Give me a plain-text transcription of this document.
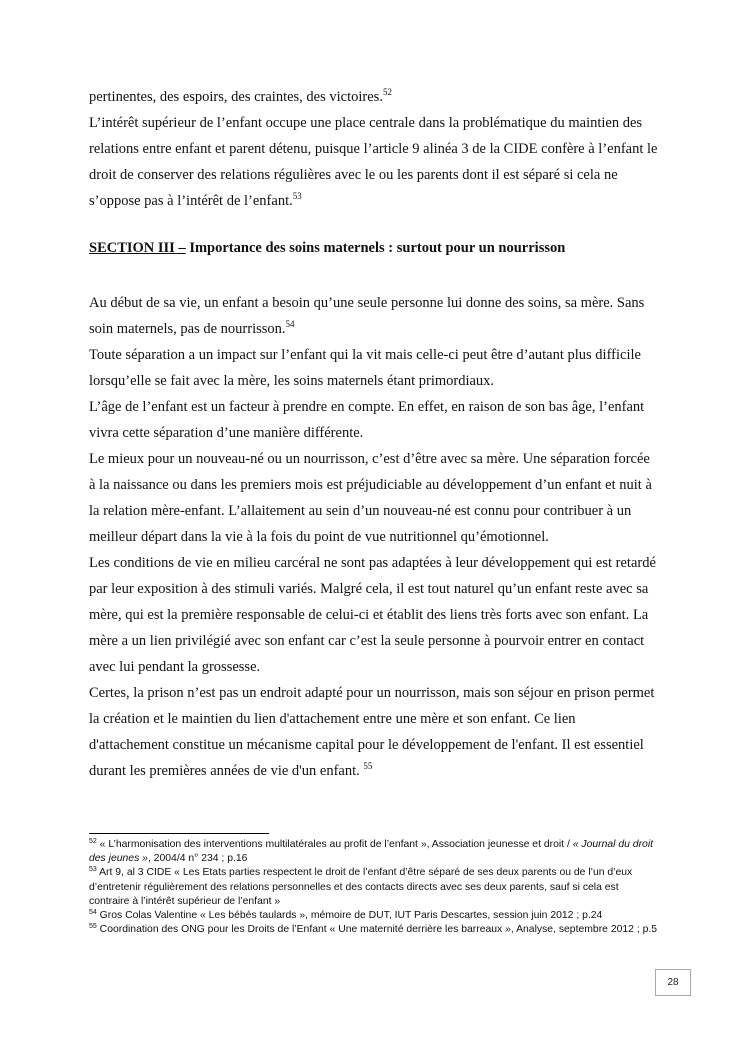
pertinentes, des espoirs, des craintes, des victoires.$^{52}$

L’intérêt supérieur de l’enfant occupe une place centrale dans la problématique du maintien des relations entre enfant et parent détenu, puisque l’article 9 alinéa 3 de la CIDE confère à l’enfant le droit de conserver des relations régulières avec le ou les parents dont il est séparé si cela ne s’oppose pas à l’intérêt de l’enfant.$^{53}$

SECTION III – Importance des soins maternels : surtout pour un nourrisson

Au début de sa vie, un enfant a besoin qu’une seule personne lui donne des soins, sa mère. Sans soin maternels, pas de nourrisson.$^{54}$

Toute séparation a un impact sur l’enfant qui la vit mais celle-ci peut être d’autant plus difficile lorsqu’elle se fait avec la mère, les soins maternels étant primordiaux.

L’âge de l’enfant est un facteur à prendre en compte. En effet, en raison de son bas âge, l’enfant vivra cette séparation d’une manière différente.

Le mieux pour un nouveau-né ou un nourrisson, c’est d’être avec sa mère. Une séparation forcée à la naissance ou dans les premiers mois est préjudiciable au développement d’un enfant et nuit à la relation mère-enfant. L’allaitement au sein d’un nouveau-né est connu pour contribuer à un meilleur départ dans la vie à la fois du point de vue nutritionnel qu’émotionnel.

Les conditions de vie en milieu carcéral ne sont pas adaptées à leur développement qui est retardé par leur exposition à des stimuli variés. Malgré cela, il est tout naturel qu’un enfant reste avec sa mère, qui est la première responsable de celui-ci et établit des liens très forts avec son enfant. La mère a un lien privilégié avec son enfant car c’est la seule personne à pourvoir entrer en contact avec lui pendant la grossesse.

Certes, la prison n’est pas un endroit adapté pour un nourrisson, mais son séjour en prison permet la création et le maintien du lien d'attachement entre une mère et son enfant. Ce lien d'attachement constitue un mécanisme capital pour le développement de l'enfant. Il est essentiel durant les premières années de vie d'un enfant. $^{55}$

$^{52}$ « L’harmonisation des interventions multilatérales au profit de l’enfant », Association jeunesse et droit / « Journal du droit des jeunes », 2004/4 n° 234 ; p.16

$^{53}$ Art 9, al 3 CIDE « Les Etats parties respectent le droit de l’enfant d’être séparé de ses deux parents ou de l’un d’eux d’entretenir régulièrement des relations personnelles et des contacts directs avec ses deux parents, sauf si cela est contraire à l’intérêt supérieur de l’enfant »

$^{54}$ Gros Colas Valentine « Les bébés taulards », mémoire de DUT, IUT Paris Descartes, session juin 2012 ; p.24

$^{55}$ Coordination des ONG pour les Droits de l’Enfant « Une maternité derrière les barreaux », Analyse, septembre 2012 ; p.5

28
